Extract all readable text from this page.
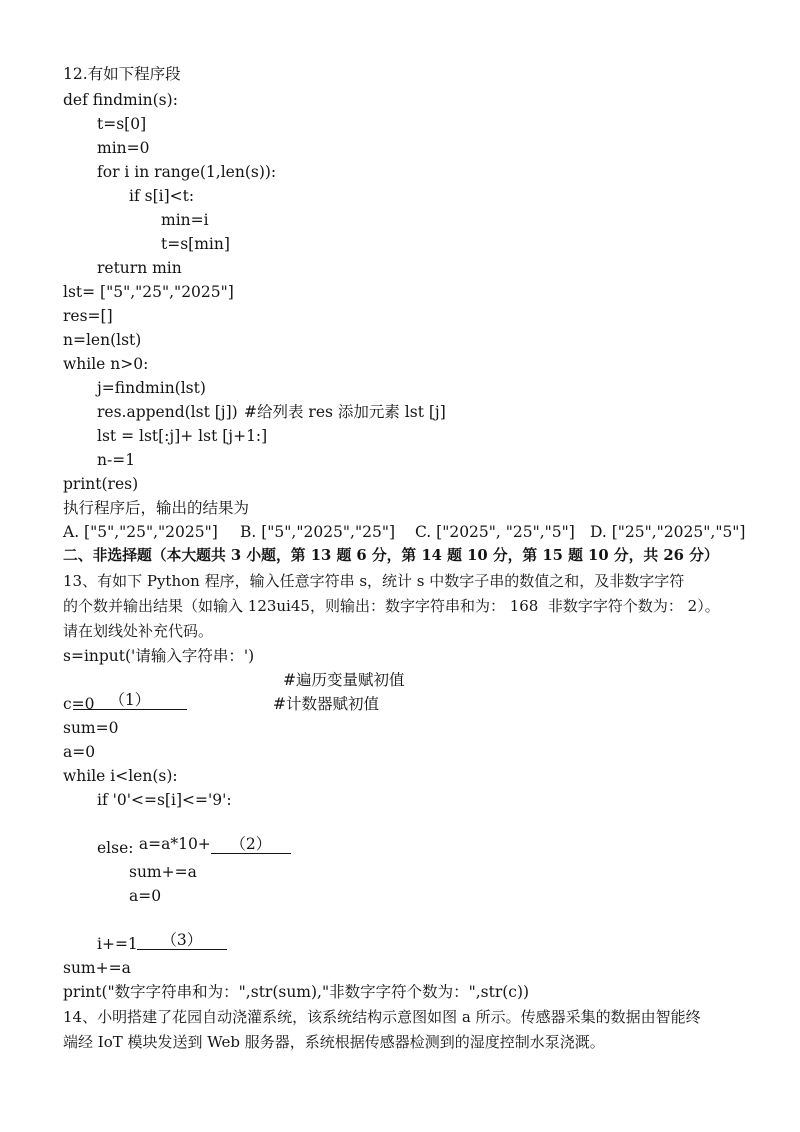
12.有如下程序段
def findmin(s):
t=s[0]
min=0
for i in range(1,len(s)):
if s[i]<t:
min=i
t=s[min]
return min
lst= ["5","25","2025"]
res=[]
n=len(lst)
while n>0:
j=findmin(lst)
res.append(lst [j]) #给列表 res 添加元素 lst [j]
lst = lst[:j]+ lst [j+1:]
n-=1
print(res)
执行程序后，输出的结果为
A. ["5","25","2025"] B. ["5","2025","25"] C. ["2025", "25","5"] D. ["25","2025","5"]
二、非选择题（本大题共 3 小题，第 13 题 6 分，第 14 题 10 分，第 15 题 10 分，共 26 分）
13、有如下 Python 程序，输入任意字符串 s，统计 s 中数字子串的数值之和，及非数字字符
的个数并输出结果（如输入 123ui45，则输出：数字字符串和为： 168  非数字字符个数为： 2）。
请在划线处补充代码。
s=input('请输入字符串：')

（1）

#遍历变量赋初值
c=0	#计数器赋初值
sum=0
a=0
while i<len(s):
if '0'<=s[i]<='9':

a=a*10+ （2）

else:
sum+=a
a=0

（3）

i+=1
sum+=a
print("数字字符串和为：",str(sum),"非数字字符个数为：",str(c))
14、小明搭建了花园自动浇灌系统，该系统结构示意图如图 a 所示。传感器采集的数据由智能终
端经 IoT 模块发送到 Web 服务器，系统根据传感器检测到的湿度控制水泵浇溉。
